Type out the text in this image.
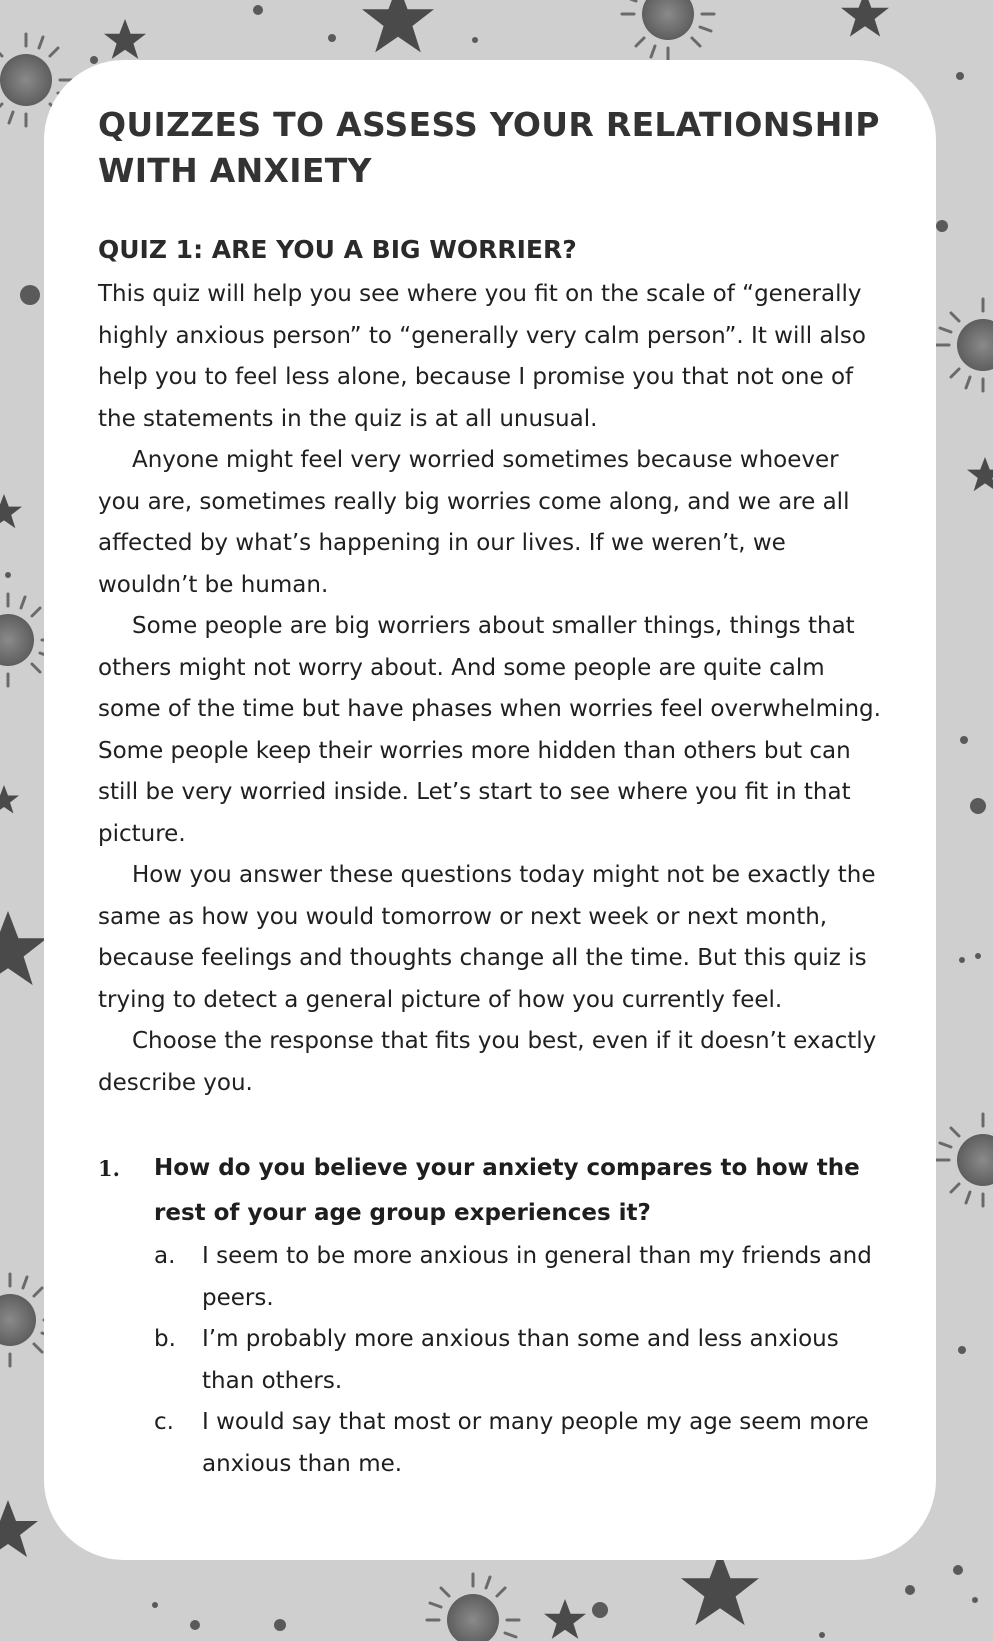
QUIZZES TO ASSESS YOUR RELATIONSHIP WITH ANXIETY
QUIZ 1: ARE YOU A BIG WORRIER?

This quiz will help you see where you fit on the scale of “generally highly anxious person” to “generally very calm person”. It will also help you to feel less alone, because I promise you that not one of the statements in the quiz is at all unusual.

Anyone might feel very worried sometimes because whoever you are, sometimes really big worries come along, and we are all affected by what’s happening in our lives. If we weren’t, we wouldn’t be human.

Some people are big worriers about smaller things, things that others might not worry about. And some people are quite calm some of the time but have phases when worries feel overwhelming. Some people keep their worries more hidden than others but can still be very worried inside. Let’s start to see where you fit in that picture.

How you answer these questions today might not be exactly the same as how you would tomorrow or next week or next month, because feelings and thoughts change all the time. But this quiz is trying to detect a general picture of how you currently feel.

Choose the response that fits you best, even if it doesn’t exactly describe you.

1.	How do you believe your anxiety compares to how the rest of your age group experiences it?
a.	I seem to be more anxious in general than my friends and peers.
b.	I’m probably more anxious than some and less anxious than others.
c.	I would say that most or many people my age seem more anxious than me.
